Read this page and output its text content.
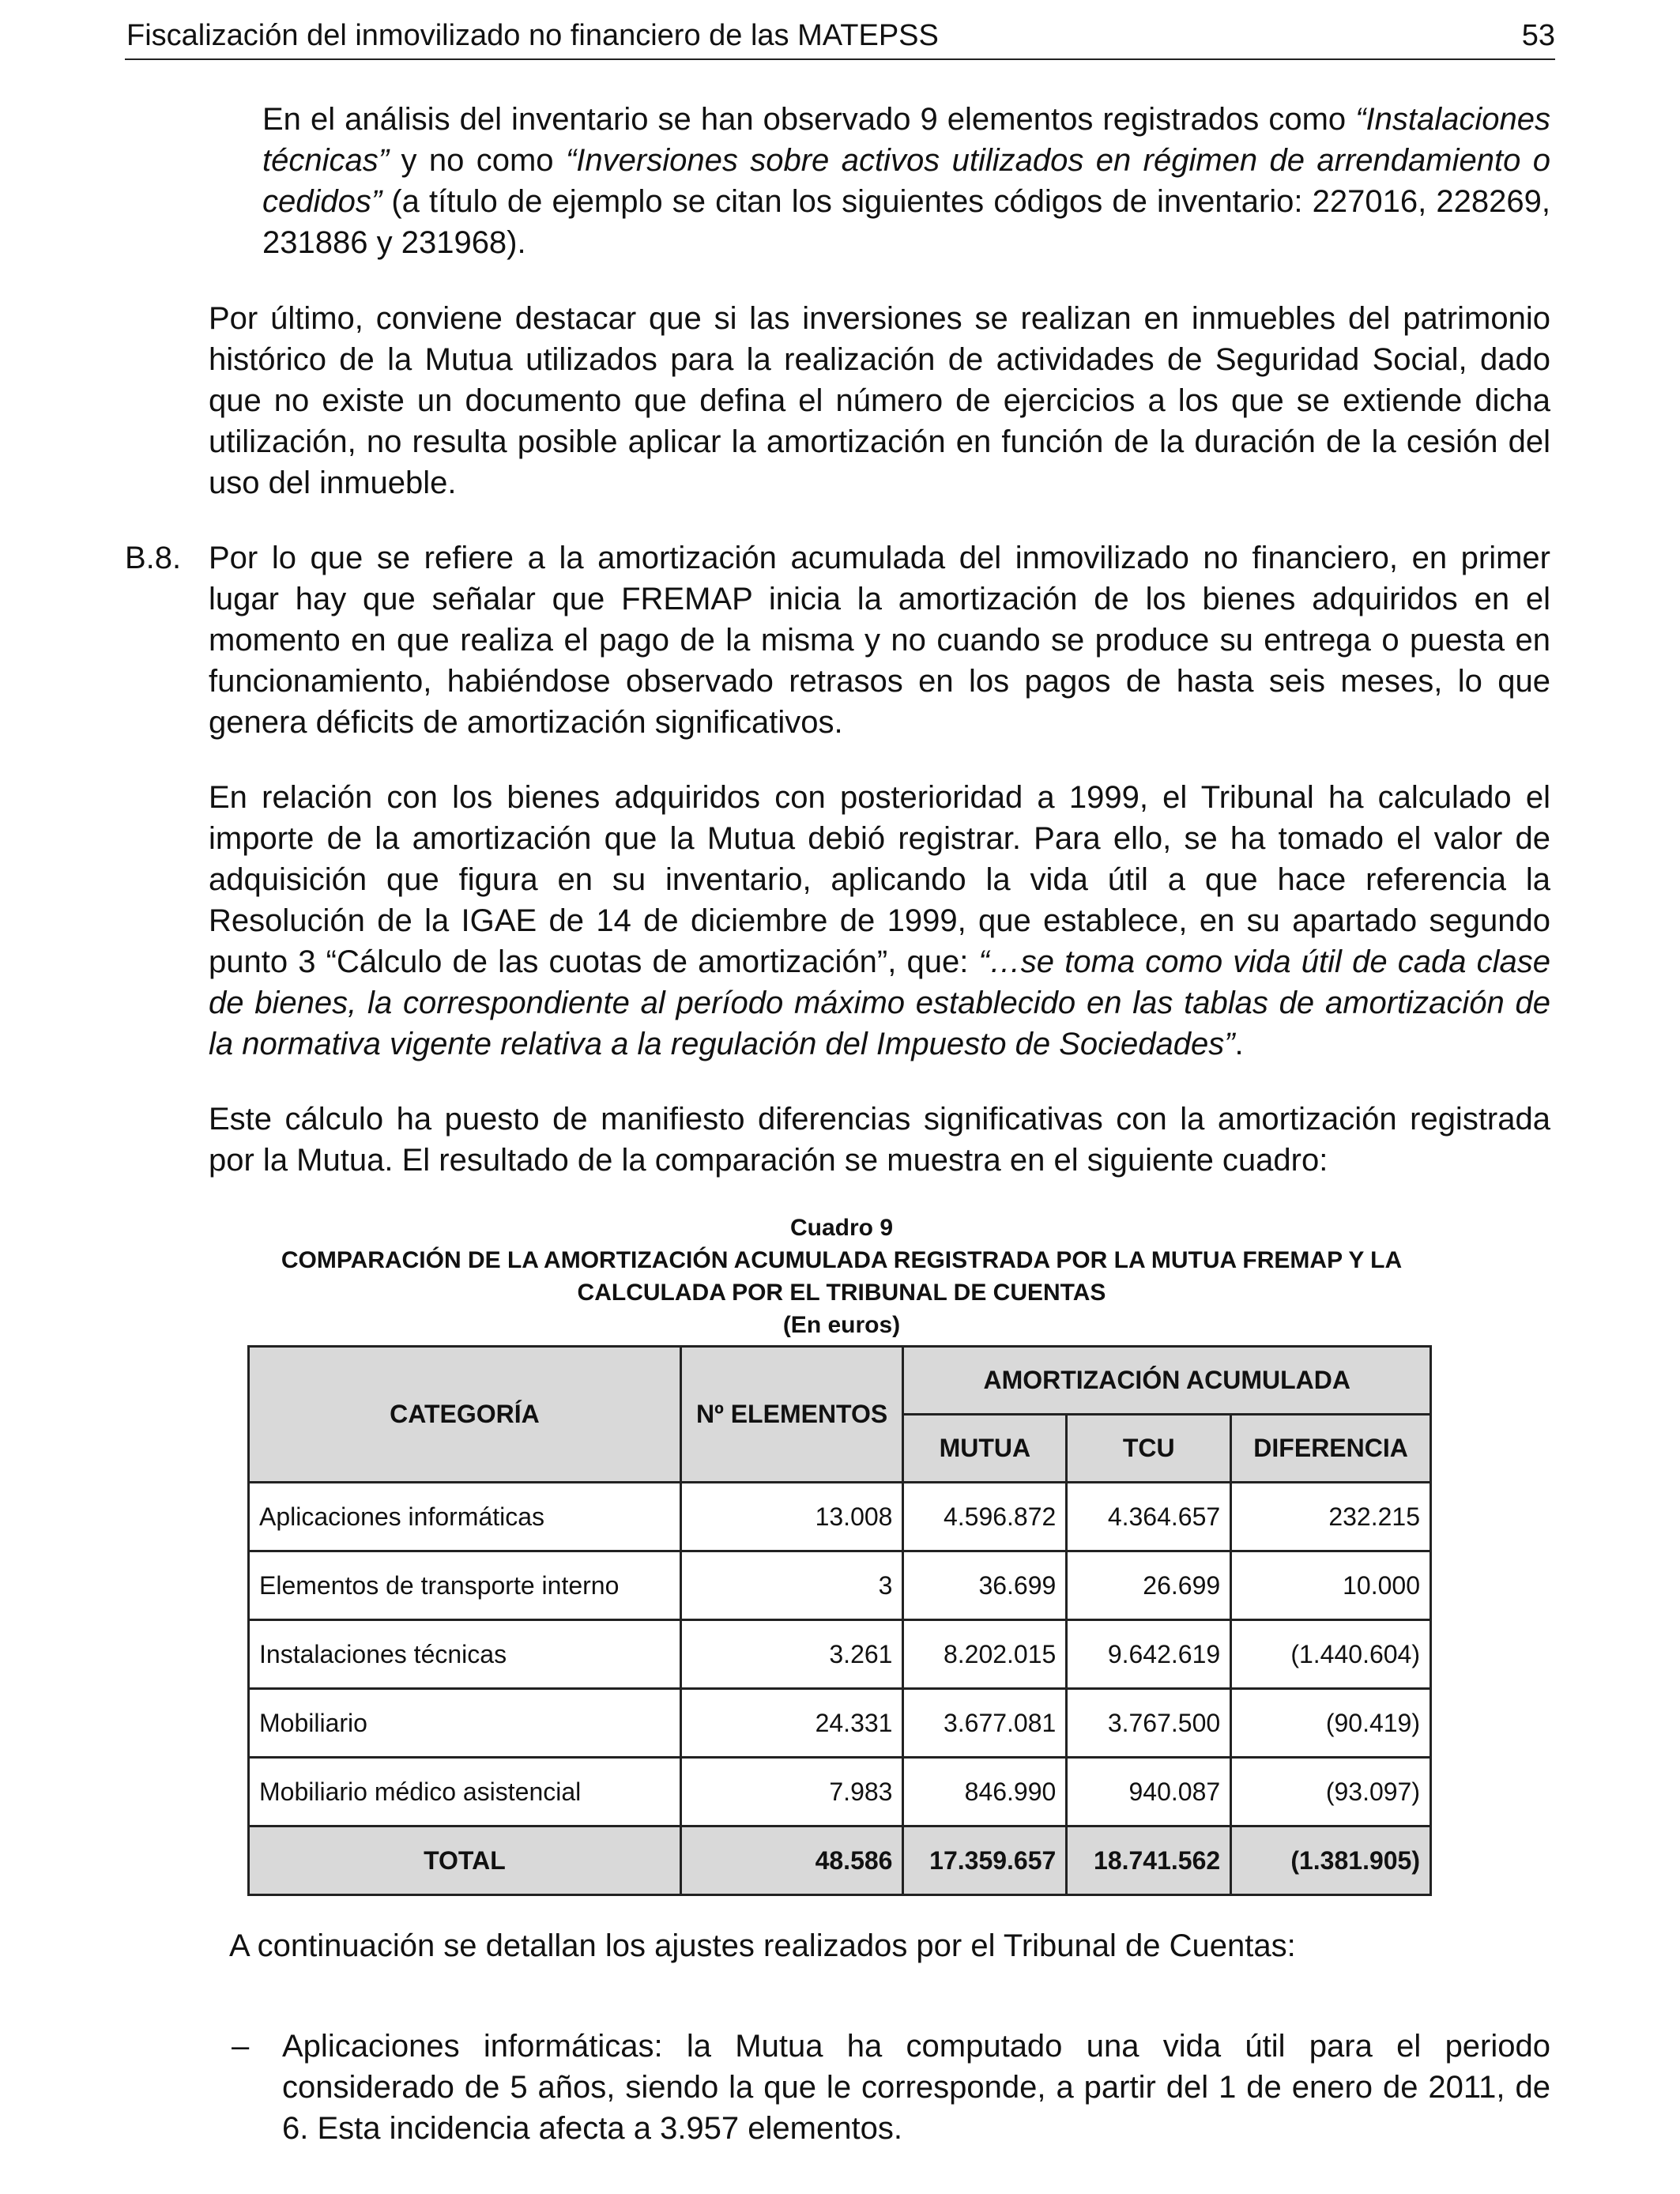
Fiscalización del inmovilizado no financiero de las MATEPSS	53

En el análisis del inventario se han observado 9 elementos registrados como “Instalaciones técnicas” y no como “Inversiones sobre activos utilizados en régimen de arrendamiento o cedidos” (a título de ejemplo se citan los siguientes códigos de inventario: 227016, 228269, 231886 y 231968).

Por último, conviene destacar que si las inversiones se realizan en inmuebles del patrimonio histórico de la Mutua utilizados para la realización de actividades de Seguridad Social, dado que no existe un documento que defina el número de ejercicios a los que se extiende dicha utilización, no resulta posible aplicar la amortización en función de la duración de la cesión del uso del inmueble.

B.8. Por lo que se refiere a la amortización acumulada del inmovilizado no financiero, en primer lugar hay que señalar que FREMAP inicia la amortización de los bienes adquiridos en el momento en que realiza el pago de la misma y no cuando se produce su entrega o puesta en funcionamiento, habiéndose observado retrasos en los pagos de hasta seis meses, lo que genera déficits de amortización significativos.

En relación con los bienes adquiridos con posterioridad a 1999, el Tribunal ha calculado el importe de la amortización que la Mutua debió registrar. Para ello, se ha tomado el valor de adquisición que figura en su inventario, aplicando la vida útil a que hace referencia la Resolución de la IGAE de 14 de diciembre de 1999, que establece, en su apartado segundo punto 3 “Cálculo de las cuotas de amortización”, que: “…se toma como vida útil de cada clase de bienes, la correspondiente al período máximo establecido en las tablas de amortización de la normativa vigente relativa a la regulación del Impuesto de Sociedades”.

Este cálculo ha puesto de manifiesto diferencias significativas con la amortización registrada por la Mutua. El resultado de la comparación se muestra en el siguiente cuadro:

Cuadro 9
COMPARACIÓN DE LA AMORTIZACIÓN ACUMULADA REGISTRADA POR LA MUTUA FREMAP Y LA
CALCULADA POR EL TRIBUNAL DE CUENTAS
(En euros)
CATEGORÍA	Nº ELEMENTOS	AMORTIZACIÓN ACUMULADA		
		MUTUA	TCU	DIFERENCIA
Aplicaciones informáticas	13.008	4.596.872	4.364.657	232.215
Elementos de transporte interno	3	36.699	26.699	10.000
Instalaciones técnicas	3.261	8.202.015	9.642.619	(1.440.604)
Mobiliario	24.331	3.677.081	3.767.500	(90.419)
Mobiliario médico asistencial	7.983	846.990	940.087	(93.097)
TOTAL	48.586	17.359.657	18.741.562	(1.381.905)

A continuación se detallan los ajustes realizados por el Tribunal de Cuentas:

– Aplicaciones informáticas: la Mutua ha computado una vida útil para el periodo considerado de 5 años, siendo la que le corresponde, a partir del 1 de enero de 2011, de 6. Esta incidencia afecta a 3.957 elementos.
